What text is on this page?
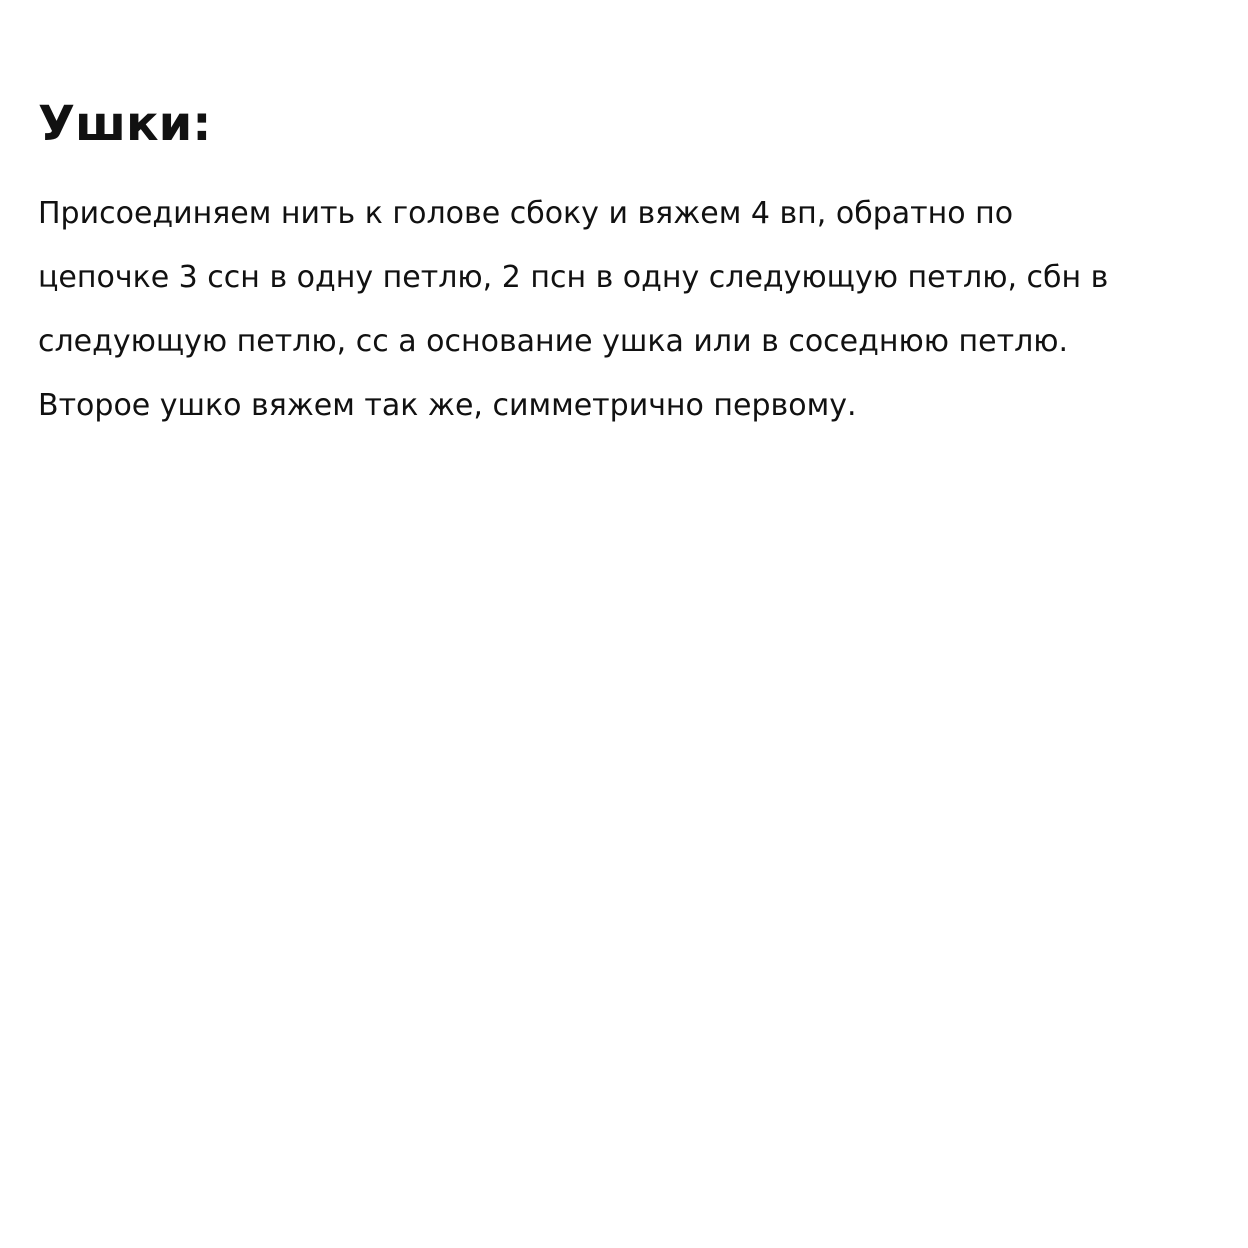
Ушки:
Присоединяем нить к голове сбоку и вяжем 4 вп, обратно по
цепочке 3 ссн в одну петлю, 2 псн в одну следующую петлю, сбн в
следующую петлю, сс а основание ушка или в соседнюю петлю.
Второе ушко вяжем так же, симметрично первому.
